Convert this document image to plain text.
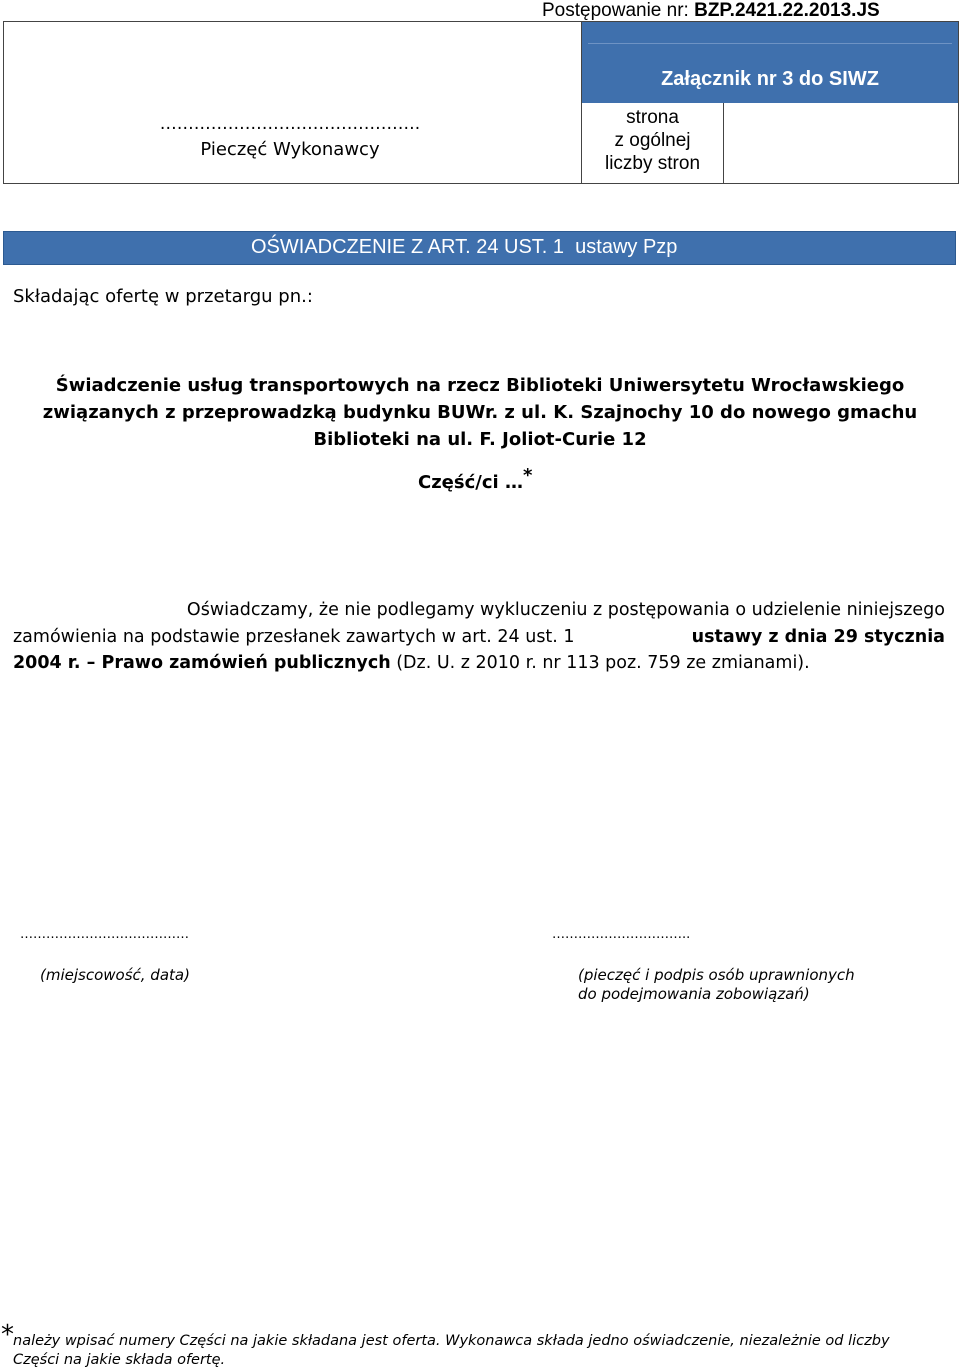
Postępowanie nr: BZP.2421.22.2013.JS
Załącznik nr 3 do SIWZ
……………………………………….
Pieczęć Wykonawcy
strona
z ogólnej
liczby stron
OŚWIADCZENIE Z ART. 24 UST. 1  ustawy Pzp
Składając ofertę w przetargu pn.:
Świadczenie usług transportowych na rzecz Biblioteki Uniwersytetu Wrocławskiego
związanych z przeprowadzką budynku BUWr. z ul. K. Szajnochy 10 do nowego gmachu
Biblioteki na ul. F. Joliot-Curie 12
Część/ci …*
Oświadczamy, że nie podlegamy wykluczeniu z postępowania o udzielenie niniejszego
zamówienia na podstawie przesłanek zawartych w art. 24 ust. 1	ustawy z dnia 29 stycznia
2004 r. – Prawo zamówień publicznych (Dz. U. z 2010 r. nr 113 poz. 759 ze zmianami).
…………………………………
(miejscowość, data)
…………………………..
(pieczęć i podpis osób uprawnionych
do podejmowania zobowiązań)
* należy wpisać numery Części na jakie składana jest oferta. Wykonawca składa jedno oświadczenie, niezależnie od liczby
Części na jakie składa ofertę.
